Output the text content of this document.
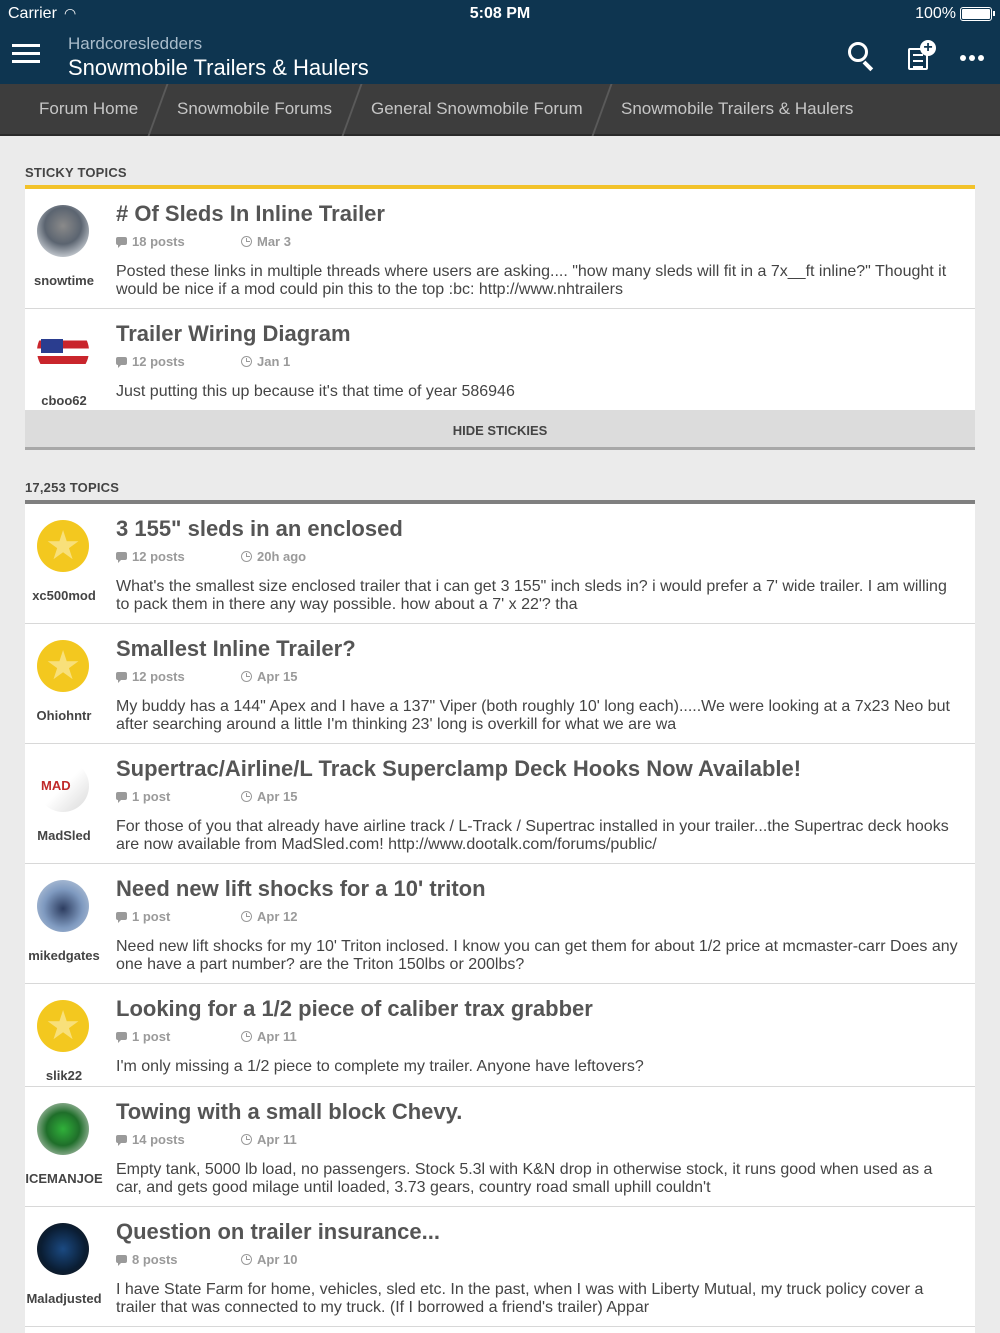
Carrier ◠	5:08 PM	100%
Hardcoresledders
Snowmobile Trailers & Haulers
+
Forum Home Snowmobile Forums General Snowmobile Forum Snowmobile Trailers & Haulers
STICKY TOPICS
snowtime
# Of Sleds In Inline Trailer
18 posts	Mar 3
Posted these links in multiple threads where users are asking.... "how many sleds will fit in a 7x__ft inline?" Thought it would be nice if a mod could pin this to the top :bc: http://www.nhtrailers
cboo62
Trailer Wiring Diagram
12 posts	Jan 1
Just putting this up because it's that time of year 586946
HIDE STICKIES
17,253 TOPICS
★
xc500mod
3 155" sleds in an enclosed
12 posts	20h ago
What's the smallest size enclosed trailer that i can get 3 155" inch sleds in? i would prefer a 7' wide trailer. I am willing to pack them in there any way possible. how about a 7' x 22'? tha
★
Ohiohntr
Smallest Inline Trailer?
12 posts	Apr 15
My buddy has a 144" Apex and I have a 137" Viper (both roughly 10' long each).....We were looking at a 7x23 Neo but after searching around a little I'm thinking 23' long is overkill for what we are wa
MAD
MadSled
Supertrac/Airline/L Track Superclamp Deck Hooks Now Available!
1 post	Apr 15
For those of you that already have airline track / L-Track / Supertrac installed in your trailer...the Supertrac deck hooks are now available from MadSled.com! http://www.dootalk.com/forums/public/
mikedgates
Need new lift shocks for a 10' triton
1 post	Apr 12
Need new lift shocks for my 10' Triton inclosed. I know you can get them for about 1/2 price at mcmaster-carr Does any one have a part number? are the Triton 150lbs or 200lbs?
★
slik22
Looking for a 1/2 piece of caliber trax grabber
1 post	Apr 11
I'm only missing a 1/2 piece to complete my trailer. Anyone have leftovers?
ICEMANJOE
Towing with a small block Chevy.
14 posts	Apr 11
Empty tank, 5000 lb load, no passengers. Stock 5.3l with K&N drop in otherwise stock, it runs good when used as a car, and gets good milage until loaded, 3.73 gears, country road small uphill couldn't
Maladjusted
Question on trailer insurance...
8 posts	Apr 10
I have State Farm for home, vehicles, sled etc. In the past, when I was with Liberty Mutual, my truck policy cover a trailer that was connected to my truck. (If I borrowed a friend's trailer) Appar
